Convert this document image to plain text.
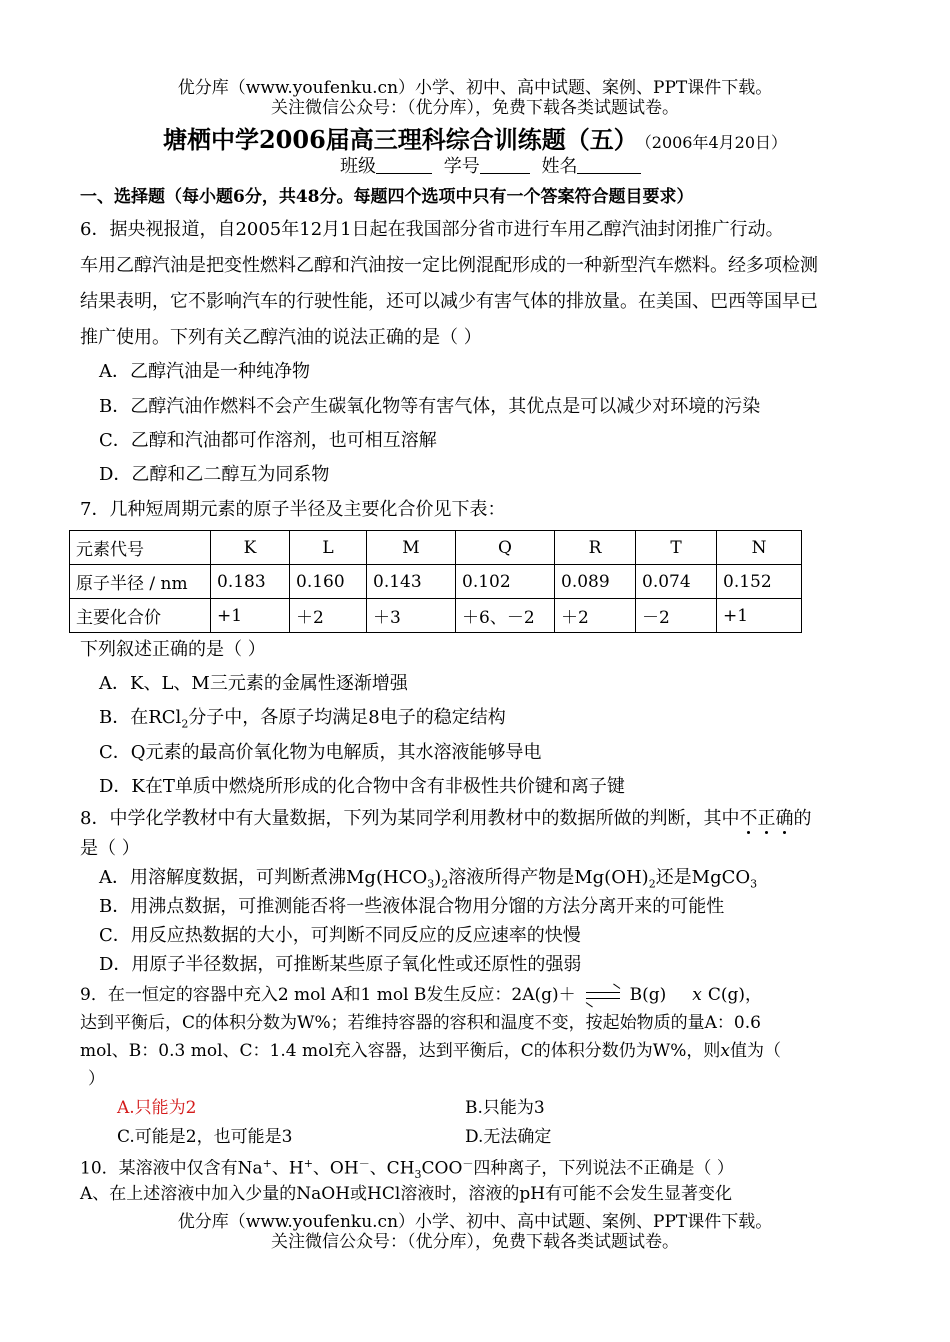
优分库（www.youfenku.cn）小学、初中、高中试题、案例、PPT课件下载。
关注微信公众号：（优分库），免费下载各类试题试卷。
塘栖中学2006届高三理科综合训练题（五） （2006年4月20日）
班级	学号	姓名
一、选择题（每小题6分，共48分。每题四个选项中只有一个答案符合题目要求）
6．据央视报道，自2005年12月1日起在我国部分省市进行车用乙醇汽油封闭推广行动。
车用乙醇汽油是把变性燃料乙醇和汽油按一定比例混配形成的一种新型汽车燃料。经多项检测
结果表明，它不影响汽车的行驶性能，还可以减少有害气体的排放量。在美国、巴西等国早已
推广使用。下列有关乙醇汽油的说法正确的是（ ）
A．乙醇汽油是一种纯净物
B．乙醇汽油作燃料不会产生碳氧化物等有害气体，其优点是可以减少对环境的污染
C．乙醇和汽油都可作溶剂，也可相互溶解
D．乙醇和乙二醇互为同系物
7．几种短周期元素的原子半径及主要化合价见下表：
元素代号	K	L	M	Q	R	T	N
原子半径 / nm	0.183	0.160	0.143	0.102	0.089	0.074	0.152
主要化合价	+1	＋2	＋3	＋6、－2	＋2	－2	+1
下列叙述正确的是（ ）
A．K、L、M三元素的金属性逐渐增强
B．在RCl$_2$分子中，各原子均满足8电子的稳定结构
C．Q元素的最高价氧化物为电解质，其水溶液能够导电
D．K在T单质中燃烧所形成的化合物中含有非极性共价键和离子键
8．中学化学教材中有大量数据，下列为某同学利用教材中的数据所做的判断，其中不正确的
是（ ）
A．用溶解度数据，可判断煮沸$Mg(HCO_3)_2$溶液所得产物是$Mg(OH)_2$还是MgCO$_3$
B．用沸点数据，可推测能否将一些液体混合物用分馏的方法分离开来的可能性
C．用反应热数据的大小，可判断不同反应的反应速率的快慢
D．用原子半径数据，可推断某些原子氧化性或还原性的强弱
9．在一恒定的容器中充入2 mol A和1 mol B发生反应：2A(g)＋	B(g) x C(g)，
达到平衡后，C的体积分数为W%；若维持容器的容积和温度不变，按起始物质的量A：0.6
mol、B：0.3 mol、C：1.4 mol充入容器，达到平衡后，C的体积分数仍为W%，则x值为（
）
A.只能为2	B.只能为3
C.可能是2，也可能是3	D.无法确定
10．某溶液中仅含有Na+、H+、OH－、$CH_3COO^-$四种离子，下列说法不正确是（ ）
A、在上述溶液中加入少量的NaOH或HCl溶液时，溶液的pH有可能不会发生显著变化
优分库（www.youfenku.cn）小学、初中、高中试题、案例、PPT课件下载。
关注微信公众号：（优分库），免费下载各类试题试卷。
